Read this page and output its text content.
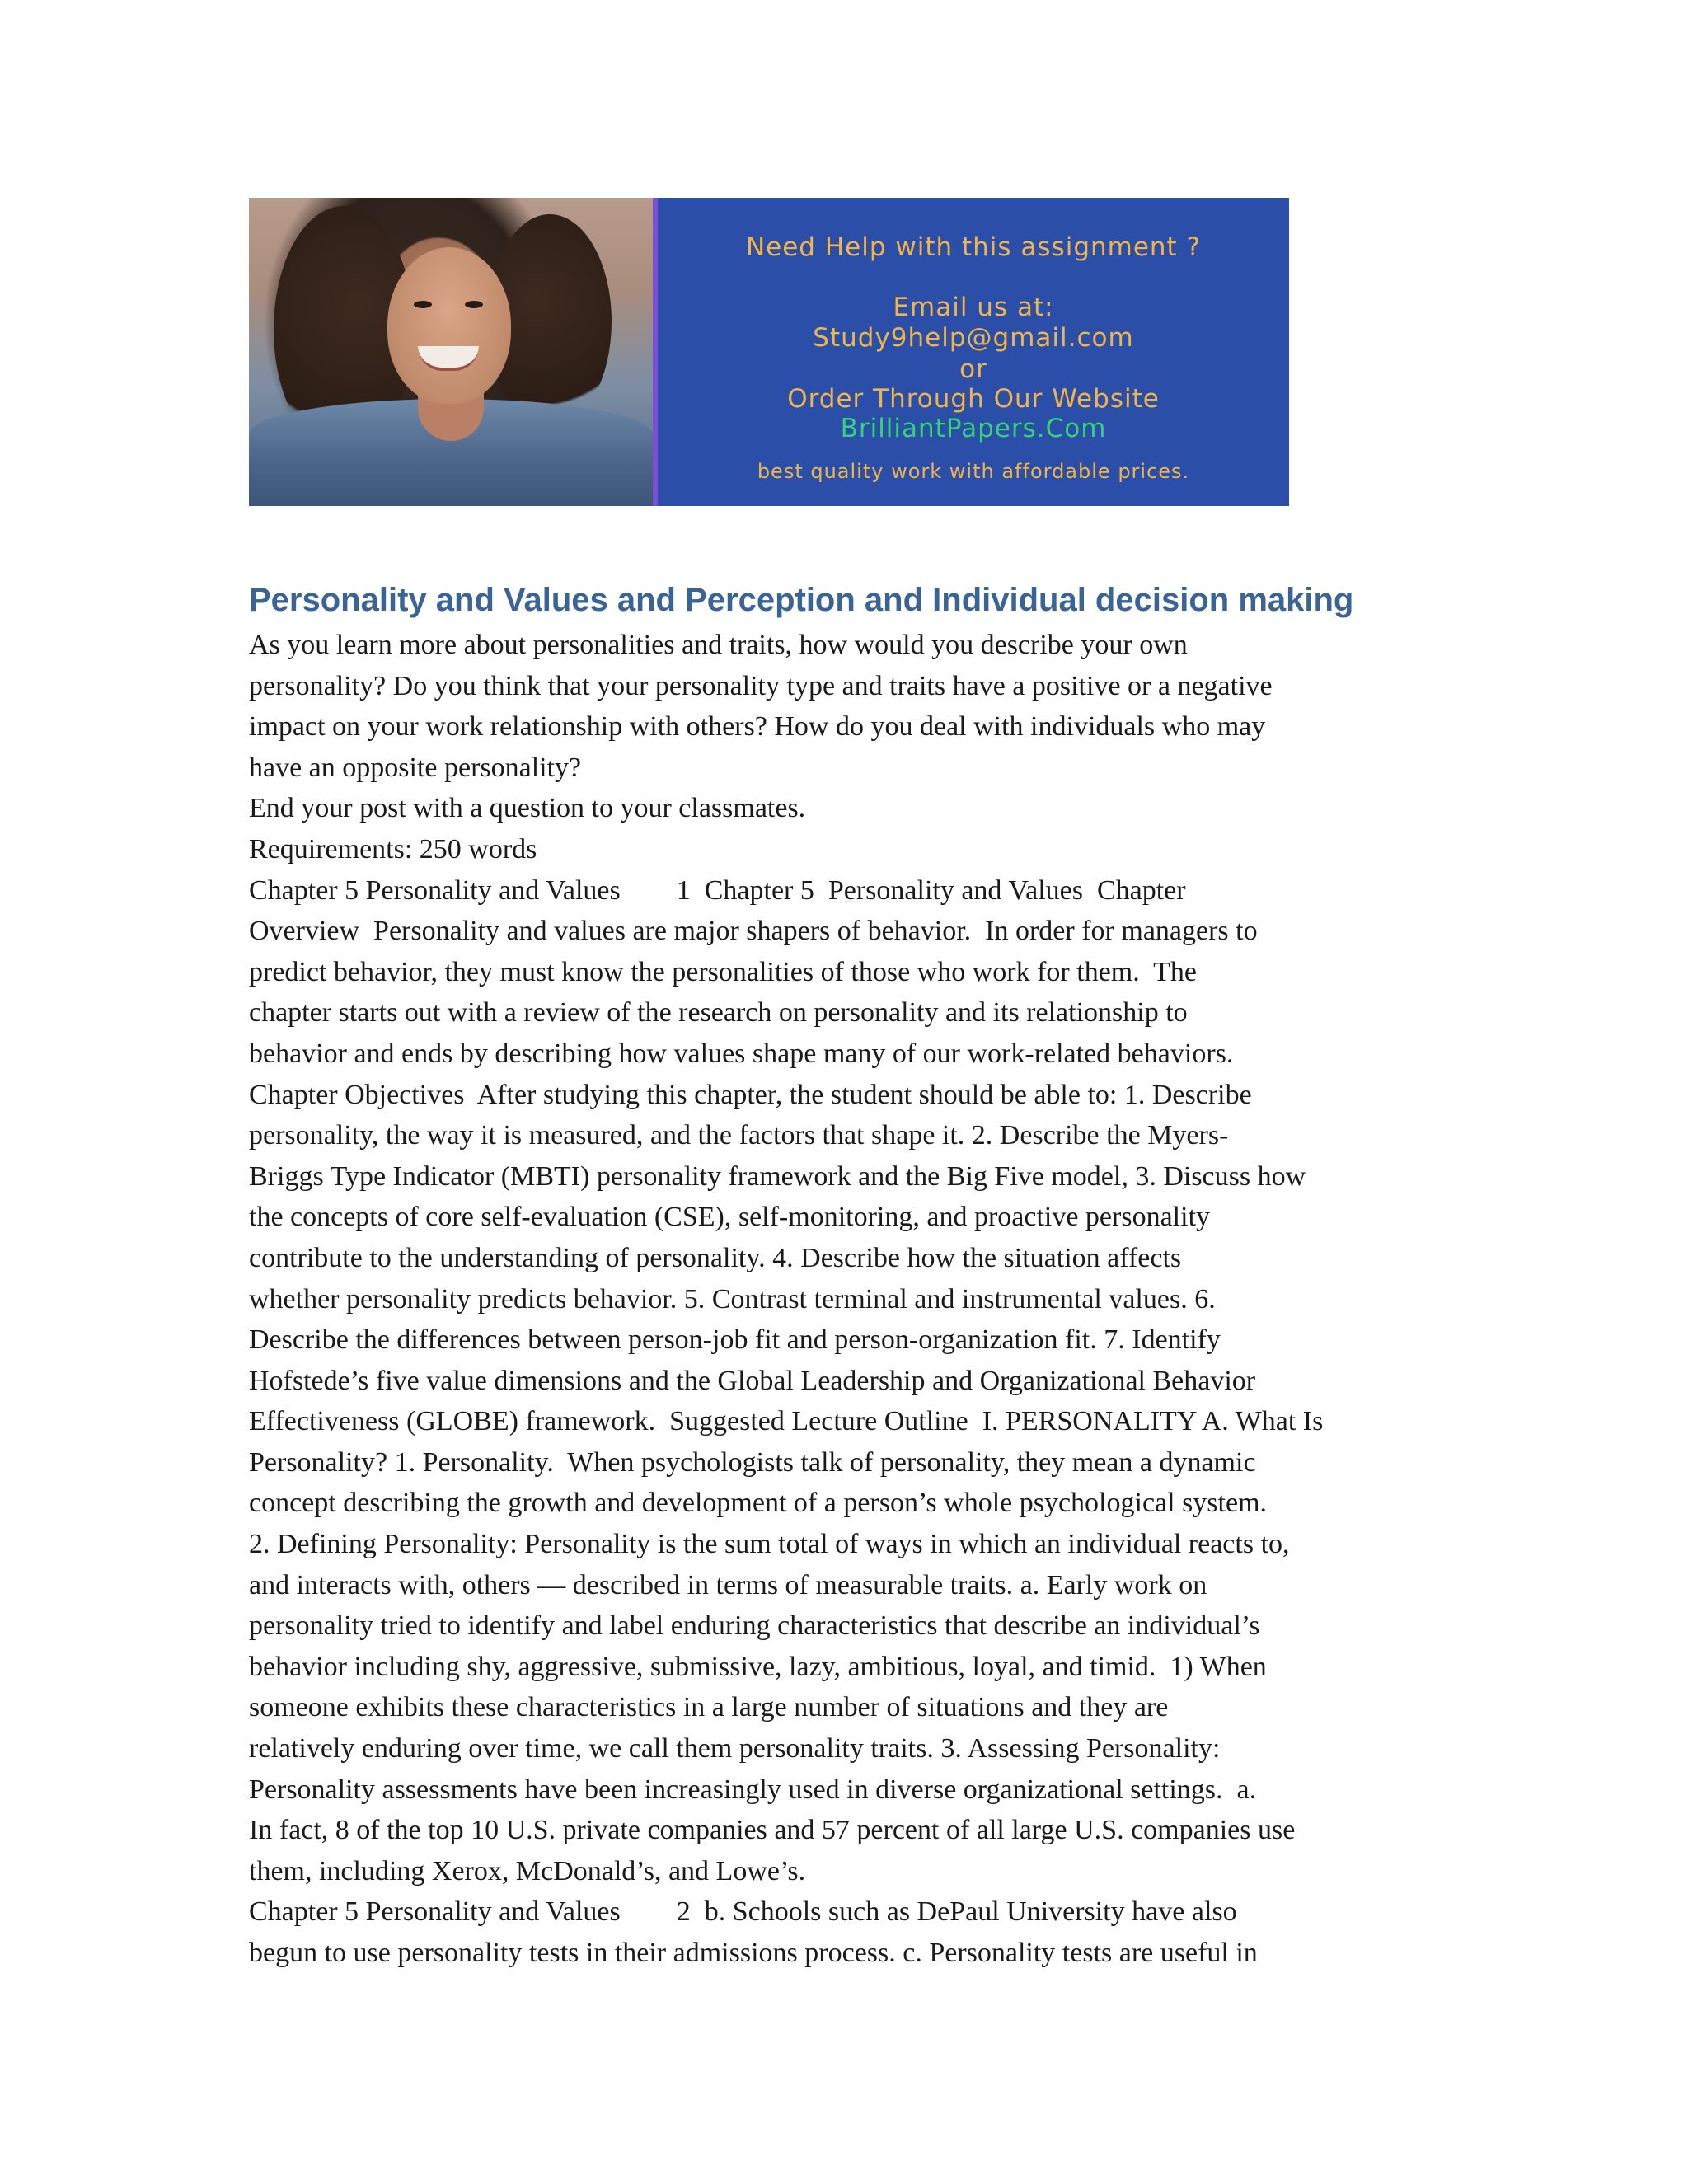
Need Help with this assignment ?
Email us at:
Study9help@gmail.com
or
Order Through Our Website
BrilliantPapers.Com
best quality work with affordable prices.
Personality and Values and Perception and Individual decision making
As you learn more about personalities and traits, how would you describe your own
personality? Do you think that your personality type and traits have a positive or a negative
impact on your work relationship with others? How do you deal with individuals who may
have an opposite personality?
End your post with a question to your classmates.
Requirements: 250 words
Chapter 5 Personality and Values        1  Chapter 5  Personality and Values  Chapter
Overview  Personality and values are major shapers of behavior.  In order for managers to
predict behavior, they must know the personalities of those who work for them.  The
chapter starts out with a review of the research on personality and its relationship to
behavior and ends by describing how values shape many of our work-related behaviors.
Chapter Objectives  After studying this chapter, the student should be able to: 1. Describe
personality, the way it is measured, and the factors that shape it. 2. Describe the Myers-
Briggs Type Indicator (MBTI) personality framework and the Big Five model, 3. Discuss how
the concepts of core self-evaluation (CSE), self-monitoring, and proactive personality
contribute to the understanding of personality. 4. Describe how the situation affects
whether personality predicts behavior. 5. Contrast terminal and instrumental values. 6.
Describe the differences between person-job fit and person-organization fit. 7. Identify
Hofstede’s five value dimensions and the Global Leadership and Organizational Behavior
Effectiveness (GLOBE) framework.  Suggested Lecture Outline  I. PERSONALITY A. What Is
Personality? 1. Personality.  When psychologists talk of personality, they mean a dynamic
concept describing the growth and development of a person’s whole psychological system.
2. Defining Personality: Personality is the sum total of ways in which an individual reacts to,
and interacts with, others — described in terms of measurable traits. a. Early work on
personality tried to identify and label enduring characteristics that describe an individual’s
behavior including shy, aggressive, submissive, lazy, ambitious, loyal, and timid.  1) When
someone exhibits these characteristics in a large number of situations and they are
relatively enduring over time, we call them personality traits. 3. Assessing Personality:
Personality assessments have been increasingly used in diverse organizational settings.  a.
In fact, 8 of the top 10 U.S. private companies and 57 percent of all large U.S. companies use
them, including Xerox, McDonald’s, and Lowe’s.
Chapter 5 Personality and Values        2  b. Schools such as DePaul University have also
begun to use personality tests in their admissions process. c. Personality tests are useful in
